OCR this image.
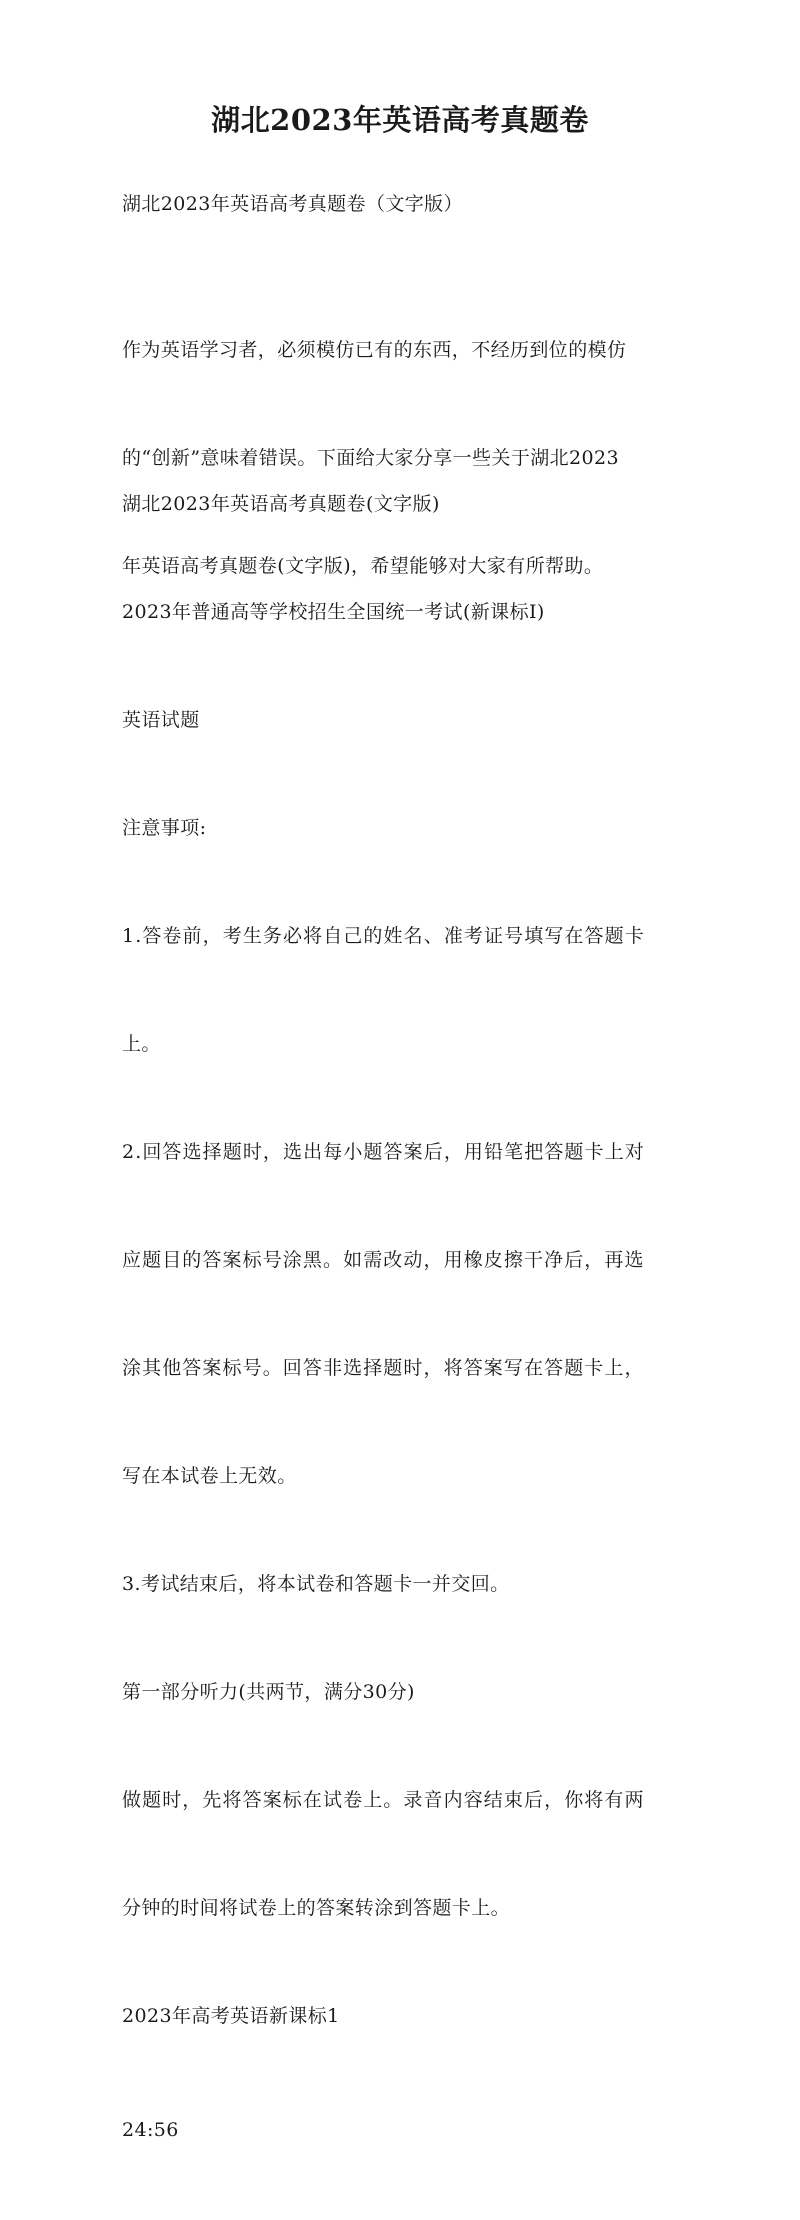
湖北2023年英语高考真题卷

湖北2023年英语高考真题卷（文字版）

作为英语学习者，必须模仿已有的东西，不经历到位的模仿

的“创新”意味着错误。下面给大家分享一些关于湖北2023

年英语高考真题卷(文字版)，希望能够对大家有所帮助。

湖北2023年英语高考真题卷(文字版)

2023年普通高等学校招生全国统一考试(新课标I)

英语试题

注意事项:

1.答卷前，考生务必将自己的姓名、准考证号填写在答题卡

上。

2.回答选择题时，选出每小题答案后，用铅笔把答题卡上对

应题目的答案标号涂黑。如需改动，用橡皮擦干净后，再选

涂其他答案标号。回答非选择题时，将答案写在答题卡上，

写在本试卷上无效。

3.考试结束后，将本试卷和答题卡一并交回。

第一部分听力(共两节，满分30分)

做题时，先将答案标在试卷上。录音内容结束后，你将有两

分钟的时间将试卷上的答案转涂到答题卡上。

2023年高考英语新课标1

24:56
